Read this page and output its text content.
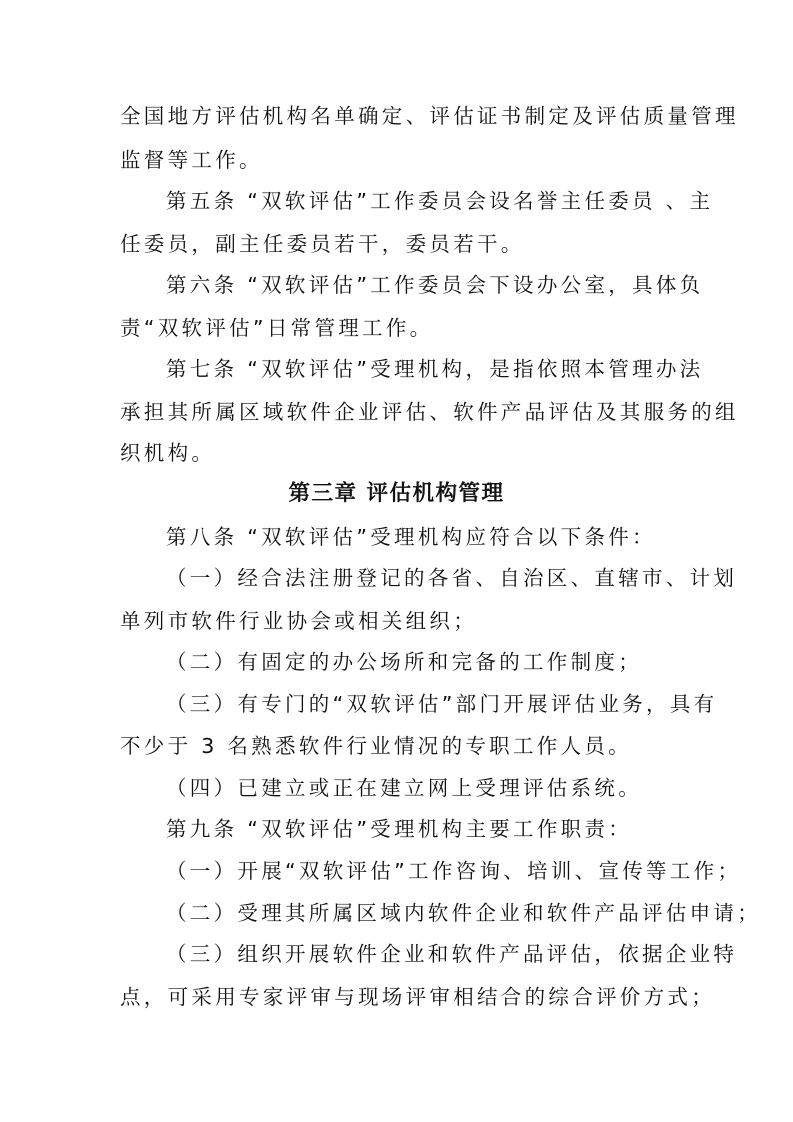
全国地方评估机构名单确定、评估证书制定及评估质量管理
监督等工作。
第五条 “双软评估”工作委员会设名誉主任委员 、主
任委员，副主任委员若干，委员若干。
第六条 “双软评估”工作委员会下设办公室，具体负
责“双软评估”日常管理工作。
第七条 “双软评估”受理机构，是指依照本管理办法
承担其所属区域软件企业评估、软件产品评估及其服务的组
织机构。
第三章 评估机构管理
第八条 “双软评估”受理机构应符合以下条件：
（一）经合法注册登记的各省、自治区、直辖市、计划
单列市软件行业协会或相关组织；
（二）有固定的办公场所和完备的工作制度；
（三）有专门的“双软评估”部门开展评估业务，具有
不少于 3 名熟悉软件行业情况的专职工作人员。
（四）已建立或正在建立网上受理评估系统。
第九条 “双软评估”受理机构主要工作职责：
（一）开展“双软评估”工作咨询、培训、宣传等工作；
（二）受理其所属区域内软件企业和软件产品评估申请；
（三）组织开展软件企业和软件产品评估，依据企业特
点，可采用专家评审与现场评审相结合的综合评价方式；
